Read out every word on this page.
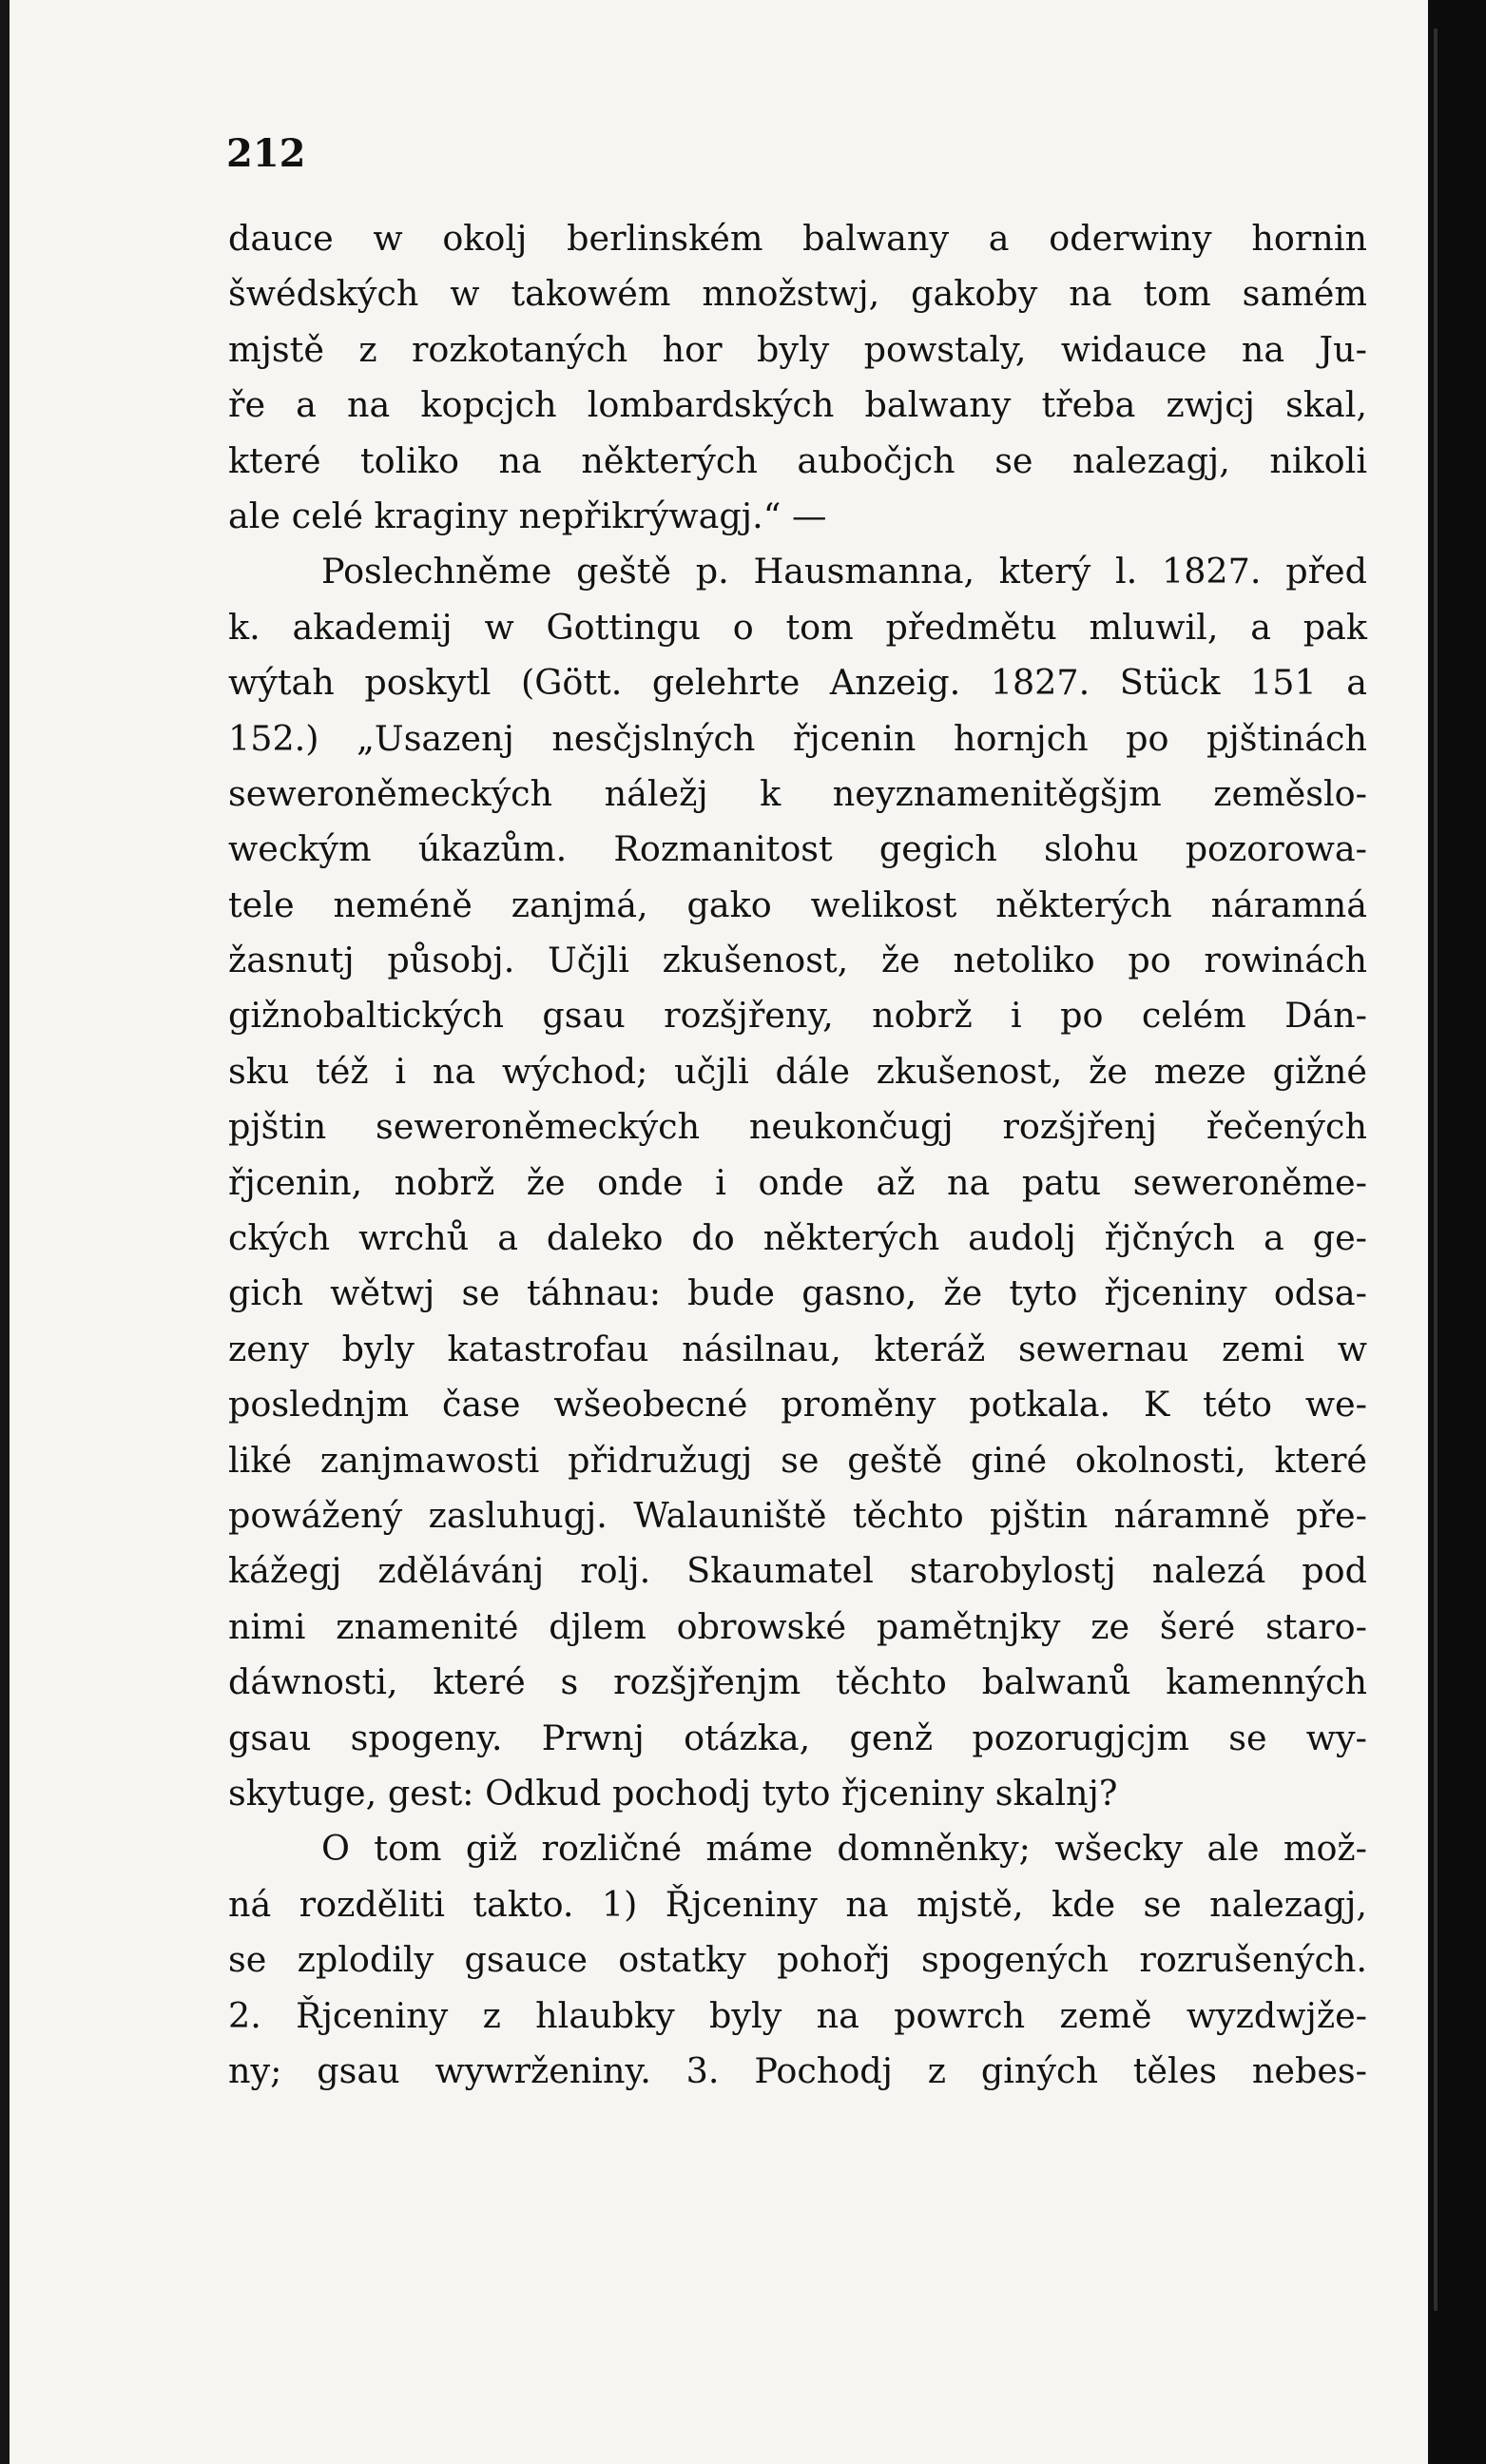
212

dauce w okolj berlinském balwany a oderwiny hornin
šwédských w takowém množstwj, gakoby na tom samém
mjstě z rozkotaných hor byly powstaly, widauce na Ju-
ře a na kopcjch lombardských balwany třeba zwjcj skal,
které toliko na některých aubočjch se nalezagj, nikoli
ale celé kraginy nepřikrýwagj.“ —
Poslechněme geště p. Hausmanna, který l. 1827. před
k. akademij w Gottingu o tom předmětu mluwil, a pak
wýtah poskytl (Gött. gelehrte Anzeig. 1827. Stück 151 a
152.) „Usazenj nesčjslných řjcenin hornjch po pjštinách
seweroněmeckých náležj k neyznamenitěgšjm zeměslo-
weckým úkazům. Rozmanitost gegich slohu pozorowa-
tele neméně zanjmá, gako welikost některých náramná
žasnutj působj. Učjli zkušenost, že netoliko po rowinách
gižnobaltických gsau rozšjřeny, nobrž i po celém Dán-
sku též i na wýchod; učjli dále zkušenost, že meze gižné
pjštin seweroněmeckých neukončugj rozšjřenj řečených
řjcenin, nobrž že onde i onde až na patu seweroněme-
ckých wrchů a daleko do některých audolj řjčných a ge-
gich wětwj se táhnau: bude gasno, že tyto řjceniny odsa-
zeny byly katastrofau násilnau, kteráž sewernau zemi w
poslednjm čase wšeobecné proměny potkala. K této we-
liké zanjmawosti přidružugj se geště giné okolnosti, které
powážený zasluhugj. Walauniště těchto pjštin náramně pře-
kážegj zdělávánj rolj. Skaumatel starobylostj nalezá pod
nimi znamenité djlem obrowské pamětnjky ze šeré staro-
dáwnosti, které s rozšjřenjm těchto balwanů kamenných
gsau spogeny. Prwnj otázka, genž pozorugjcjm se wy-
skytuge, gest: Odkud pochodj tyto řjceniny skalnj?
O tom giž rozličné máme domněnky; wšecky ale mož-
ná rozděliti takto. 1) Řjceniny na mjstě, kde se nalezagj,
se zplodily gsauce ostatky pohořj spogených rozrušených.
2. Řjceniny z hlaubky byly na powrch země wyzdwjže-
ny; gsau wywrženiny. 3. Pochodj z giných těles nebes-
